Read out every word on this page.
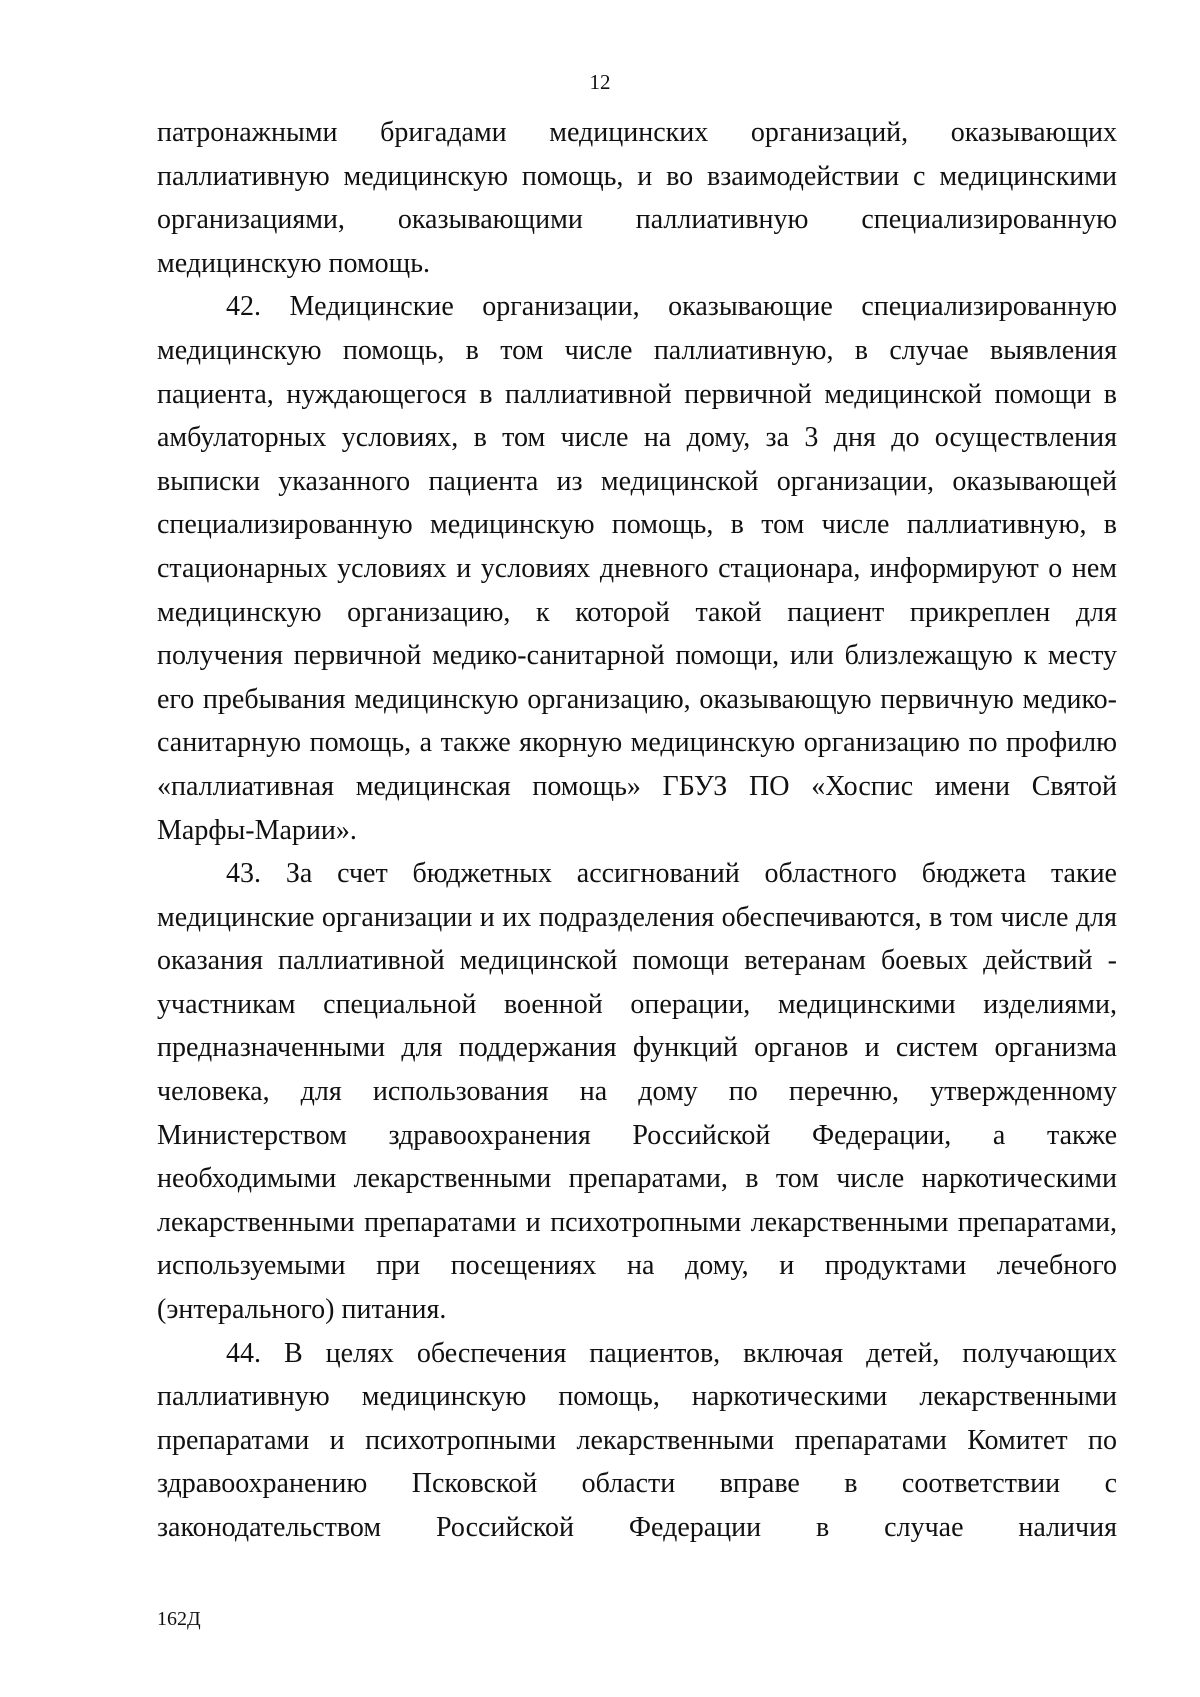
12

патронажными бригадами медицинских организаций, оказывающих паллиативную медицинскую помощь, и во взаимодействии с медицинскими организациями, оказывающими паллиативную специализированную медицинскую помощь.

42. Медицинские организации, оказывающие специализированную медицинскую помощь, в том числе паллиативную, в случае выявления пациента, нуждающегося в паллиативной первичной медицинской помощи в амбулаторных условиях, в том числе на дому, за 3 дня до осуществления выписки указанного пациента из медицинской организации, оказывающей специализированную медицинскую помощь, в том числе паллиативную, в стационарных условиях и условиях дневного стационара, информируют о нем медицинскую организацию, к которой такой пациент прикреплен для получения первичной медико-санитарной помощи, или близлежащую к месту его пребывания медицинскую организацию, оказывающую первичную медико-санитарную помощь, а также якорную медицинскую организацию по профилю «паллиативная медицинская помощь» ГБУЗ ПО «Хоспис имени Святой Марфы-Марии».

43. За счет бюджетных ассигнований областного бюджета такие медицинские организации и их подразделения обеспечиваются, в том числе для оказания паллиативной медицинской помощи ветеранам боевых действий - участникам специальной военной операции, медицинскими изделиями, предназначенными для поддержания функций органов и систем организма человека, для использования на дому по перечню, утвержденному Министерством здравоохранения Российской Федерации, а также необходимыми лекарственными препаратами, в том числе наркотическими лекарственными препаратами и психотропными лекарственными препаратами, используемыми при посещениях на дому, и продуктами лечебного (энтерального) питания.

44. В целях обеспечения пациентов, включая детей, получающих паллиативную медицинскую помощь, наркотическими лекарственными препаратами и психотропными лекарственными препаратами Комитет по здравоохранению Псковской области вправе в соответствии с законодательством Российской Федерации в случае наличия

162Д
